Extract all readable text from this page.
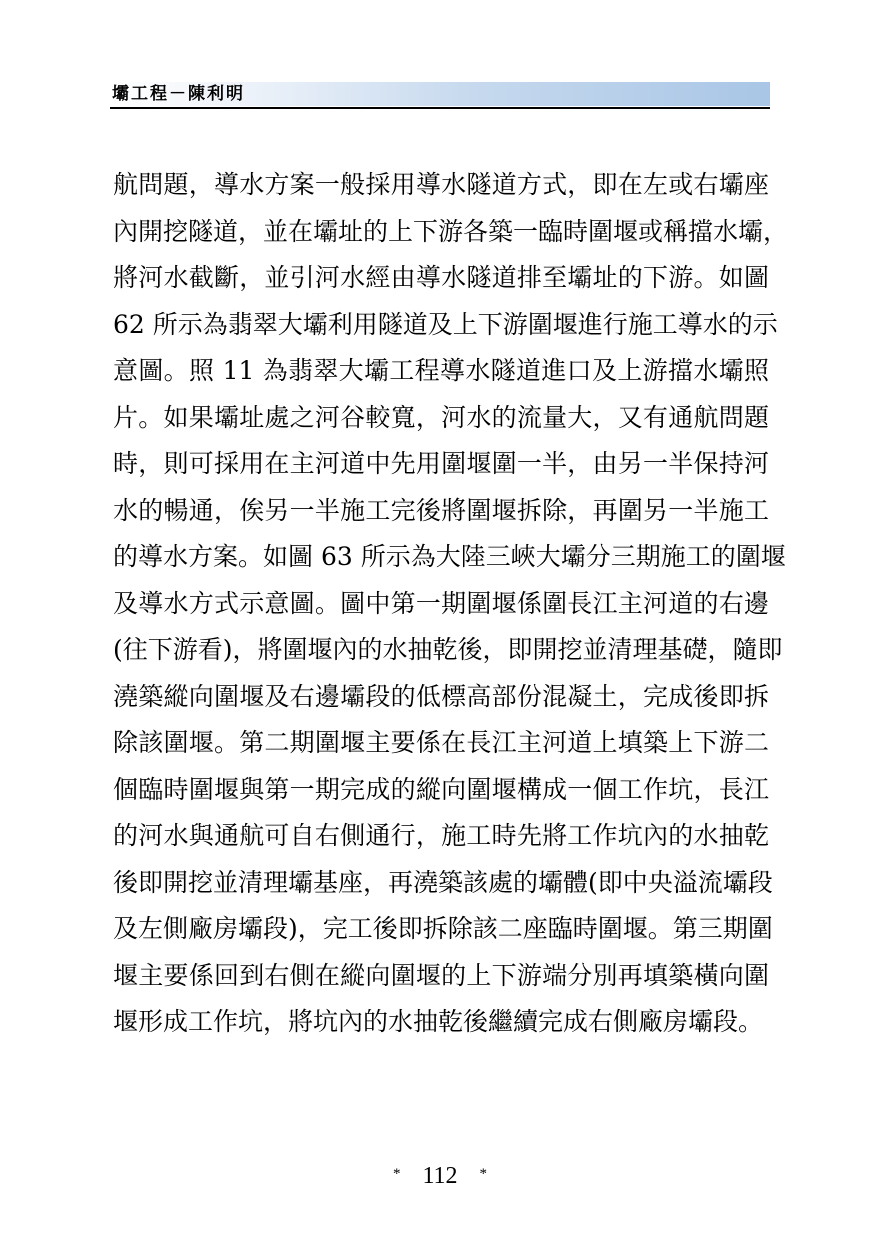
壩工程－陳利明
航問題，導水方案一般採用導水隧道方式，即在左或右壩座
內開挖隧道，並在壩址的上下游各築一臨時圍堰或稱擋水壩，
將河水截斷，並引河水經由導水隧道排至壩址的下游。如圖
62 所示為翡翠大壩利用隧道及上下游圍堰進行施工導水的示
意圖。照 11 為翡翠大壩工程導水隧道進口及上游擋水壩照
片。如果壩址處之河谷較寬，河水的流量大，又有通航問題
時，則可採用在主河道中先用圍堰圍一半，由另一半保持河
水的暢通，俟另一半施工完後將圍堰拆除，再圍另一半施工
的導水方案。如圖 63 所示為大陸三峽大壩分三期施工的圍堰
及導水方式示意圖。圖中第一期圍堰係圍長江主河道的右邊
(往下游看)，將圍堰內的水抽乾後，即開挖並清理基礎，隨即
澆築縱向圍堰及右邊壩段的低標高部份混凝土，完成後即拆
除該圍堰。第二期圍堰主要係在長江主河道上填築上下游二
個臨時圍堰與第一期完成的縱向圍堰構成一個工作坑，長江
的河水與通航可自右側通行，施工時先將工作坑內的水抽乾
後即開挖並清理壩基座，再澆築該處的壩體(即中央溢流壩段
及左側廠房壩段)，完工後即拆除該二座臨時圍堰。第三期圍
堰主要係回到右側在縱向圍堰的上下游端分別再填築橫向圍
堰形成工作坑，將坑內的水抽乾後繼續完成右側廠房壩段。
* 112 *
